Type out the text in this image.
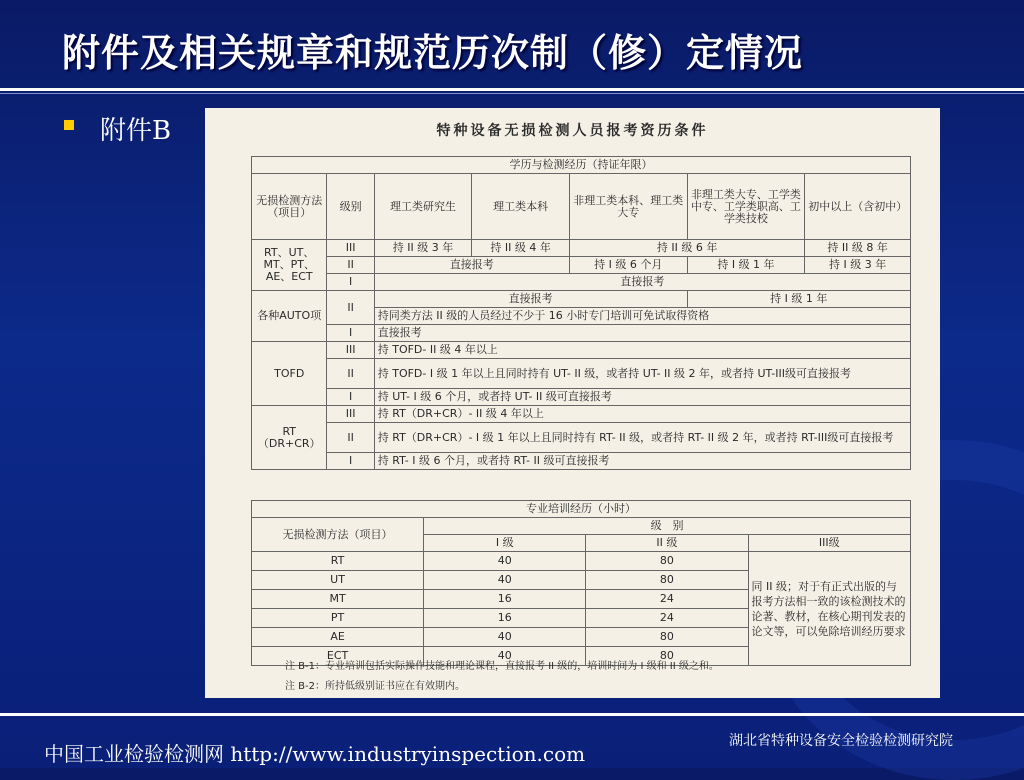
附件及相关规章和规范历次制（修）定情况
附件B	特种设备无损检测人员报考资历条件
学历与检测经历（持证年限）						
无损检测方法（项目）	级别	理工类研究生	理工类本科	非理工类本科、理工类大专	非理工类大专、工学类中专、工学类职高、工学类技校	初中以上（含初中）
RT、UT、MT、PT、AE、ECT	III	持 II 级 3 年	持 II 级 4 年	持 II 级 6 年		持 II 级 8 年
	II	直接报考		持 I 级 6 个月	持 I 级 1 年	持 I 级 3 年
	I	直接报考				
各种AUTO项	II	直接报考			持 I 级 1 年	
		持同类方法 II 级的人员经过不少于 16 小时专门培训可免试取得资格				
	I	直接报考				
TOFD	III	持 TOFD- II 级 4 年以上				
	II	持 TOFD- I 级 1 年以上且同时持有 UT- II 级，或者持 UT- II 级 2 年，或者持 UT-III级可直接报考				
	I	持 UT- I 级 6 个月，或者持 UT- II 级可直接报考				
RT（DR+CR）	III	持 RT（DR+CR）- II 级 4 年以上				
	II	持 RT（DR+CR）- I 级 1 年以上且同时持有 RT- II 级，或者持 RT- II 级 2 年，或者持 RT-III级可直接报考				
	I	持 RT- I 级 6 个月，或者持 RT- II 级可直接报考				
专业培训经历（小时）			
无损检测方法（项目）	级　别		
	I 级	II 级	III级
RT	40	80	同 II 级；对于有正式出版的与报考方法相一致的该检测技术的论著、教材，在核心期刊发表的论文等，可以免除培训经历要求
UT	40	80	
MT	16	24	
PT	16	24	
AE	40	80	
ECT	40	80	
注 B-1：专业培训包括实际操作技能和理论课程，直接报考 II 级的，培训时间为 I 级和 II 级之和。
注 B-2：所持低级别证书应在有效期内。
中国工业检验检测网 http://www.industryinspection.com
湖北省特种设备安全检验检测研究院
